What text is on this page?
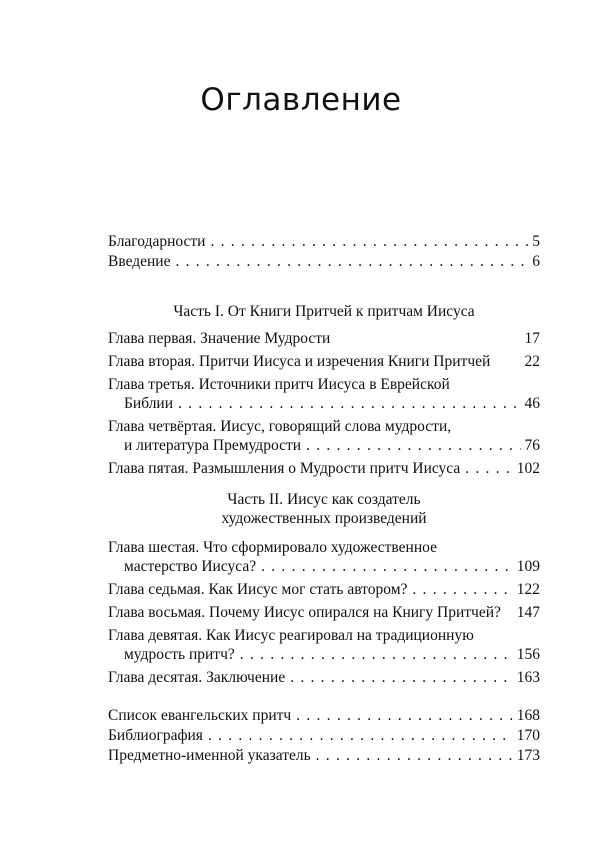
Оглавление
Благодарности . . .	5
Введение . . .	6
Часть I. От Книги Притчей к притчам Иисуса
Глава первая. Значение Мудрости	17
Глава вторая. Притчи Иисуса и изречения Книги Притчей 22
Глава третья. Источники притч Иисуса в Еврейской
Библии . . .	46
Глава четвёртая. Иисус, говорящий слова мудрости,
и литература Премудрости . . .	76
Глава пятая. Размышления о Мудрости притч Иисуса . . .	102
Часть II. Иисус как создатель
художественных произведений
Глава шестая. Что сформировало художественное
мастерство Иисуса? . . .	109
Глава седьмая. Как Иисус мог стать автором? . . .	122
Глава восьмая. Почему Иисус опирался на Книгу Притчей? 147
Глава девятая. Как Иисус реагировал на традиционную
мудрость притч? . . .	156
Глава десятая. Заключение . . .	163
Список евангельских притч . . .	168
Библиография . . .	170
Предметно-именной указатель . . .	173
